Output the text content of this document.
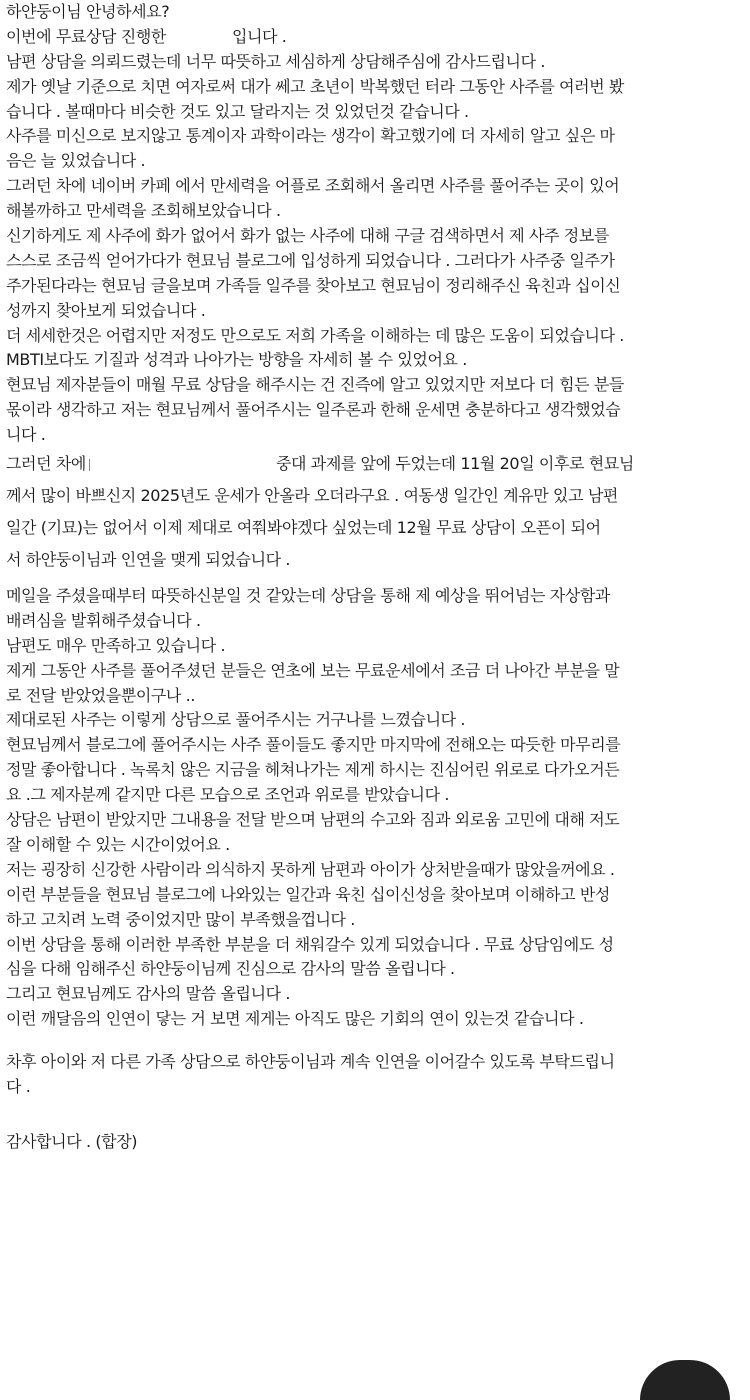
하얀둥이님 안녕하세요?
이번에 무료상담 진행한	입니다 .
남편 상담을 의뢰드렸는데 너무 따뜻하고 세심하게 상담해주심에 감사드립니다 .
제가 옛날 기준으로 치면 여자로써 대가 쎄고 초년이 박복했던 터라 그동안 사주를 여러번 봤
습니다 . 볼때마다 비슷한 것도 있고 달라지는 것 있었던것 같습니다 .
사주를 미신으로 보지않고 통계이자 과학이라는 생각이 확고했기에 더 자세히 알고 싶은 마
음은 늘 있었습니다 .
그러던 차에 네이버 카페 에서 만세력을 어플로 조회해서 올리면 사주를 풀어주는 곳이 있어
해볼까하고 만세력을 조회해보았습니다 .
신기하게도 제 사주에 화가 없어서 화가 없는 사주에 대해 구글 검색하면서 제 사주 정보를
스스로 조금씩 얻어가다가 현묘님 블로그에 입성하게 되었습니다 . 그러다가 사주중 일주가
주가된다라는 현묘님 글을보며 가족들 일주를 찾아보고 현묘님이 정리해주신 육친과 십이신
성까지 찾아보게 되었습니다 .
더 세세한것은 어렵지만 저정도 만으로도 저희 가족을 이해하는 데 많은 도움이 되었습니다 .
MBTI보다도 기질과 성격과 나아가는 방향을 자세히 볼 수 있었어요 .
현묘님 제자분들이 매월 무료 상담을 해주시는 건 진즉에 알고 있었지만 저보다 더 힘든 분들
몫이라 생각하고 저는 현묘님께서 풀어주시는 일주론과 한해 운세면 충분하다고 생각했었습
니다 .
그러던 차에	중대 과제를 앞에 두었는데 11월 20일 이후로 현묘님
께서 많이 바쁘신지 2025년도 운세가 안올라 오더라구요 . 여동생 일간인 계유만 있고 남편
일간 (기묘)는 없어서 이제 제대로 여쭤봐야겠다 싶었는데 12월 무료 상담이 오픈이 되어
서 하얀둥이님과 인연을 맺게 되었습니다 .
메일을 주셨을때부터 따뜻하신분일 것 같았는데 상담을 통해 제 예상을 뛰어넘는 자상함과
배려심을 발휘해주셨습니다 .
남편도 매우 만족하고 있습니다 .
제게 그동안 사주를 풀어주셨던 분들은 연초에 보는 무료운세에서 조금 더 나아간 부분을 말
로 전달 받았었을뿐이구나 ..
제대로된 사주는 이렇게 상담으로 풀어주시는 거구나를 느꼈습니다 .
현묘님께서 블로그에 풀어주시는 사주 풀이들도 좋지만 마지막에 전해오는 따듯한 마무리를
정말 좋아합니다 . 녹록치 않은 지금을 헤쳐나가는 제게 하시는 진심어린 위로로 다가오거든
요 .그 제자분께 같지만 다른 모습으로 조언과 위로를 받았습니다 .
상담은 남편이 받았지만 그내용을 전달 받으며 남편의 수고와 짐과 외로움 고민에 대해 저도
잘 이해할 수 있는 시간이었어요 .
저는 굉장히 신강한 사람이라 의식하지 못하게 남편과 아이가 상처받을때가 많았을꺼에요 .
이런 부분들을 현묘님 블로그에 나와있는 일간과 육친 십이신성을 찾아보며 이해하고 반성
하고 고치려 노력 중이었지만 많이 부족했을껍니다 .
이번 상담을 통해 이러한 부족한 부분을 더 채워갈수 있게 되었습니다 . 무료 상담임에도 성
심을 다해 임해주신 하얀둥이님께 진심으로 감사의 말씀 올립니다 .
그리고 현묘님께도 감사의 말씀 올립니다 .
이런 깨달음의 인연이 닿는 거 보면 제게는 아직도 많은 기회의 연이 있는것 같습니다 .
차후 아이와 저 다른 가족 상담으로 하얀둥이님과 계속 인연을 이어갈수 있도록 부탁드립니
다 .
감사합니다 . (합장)
